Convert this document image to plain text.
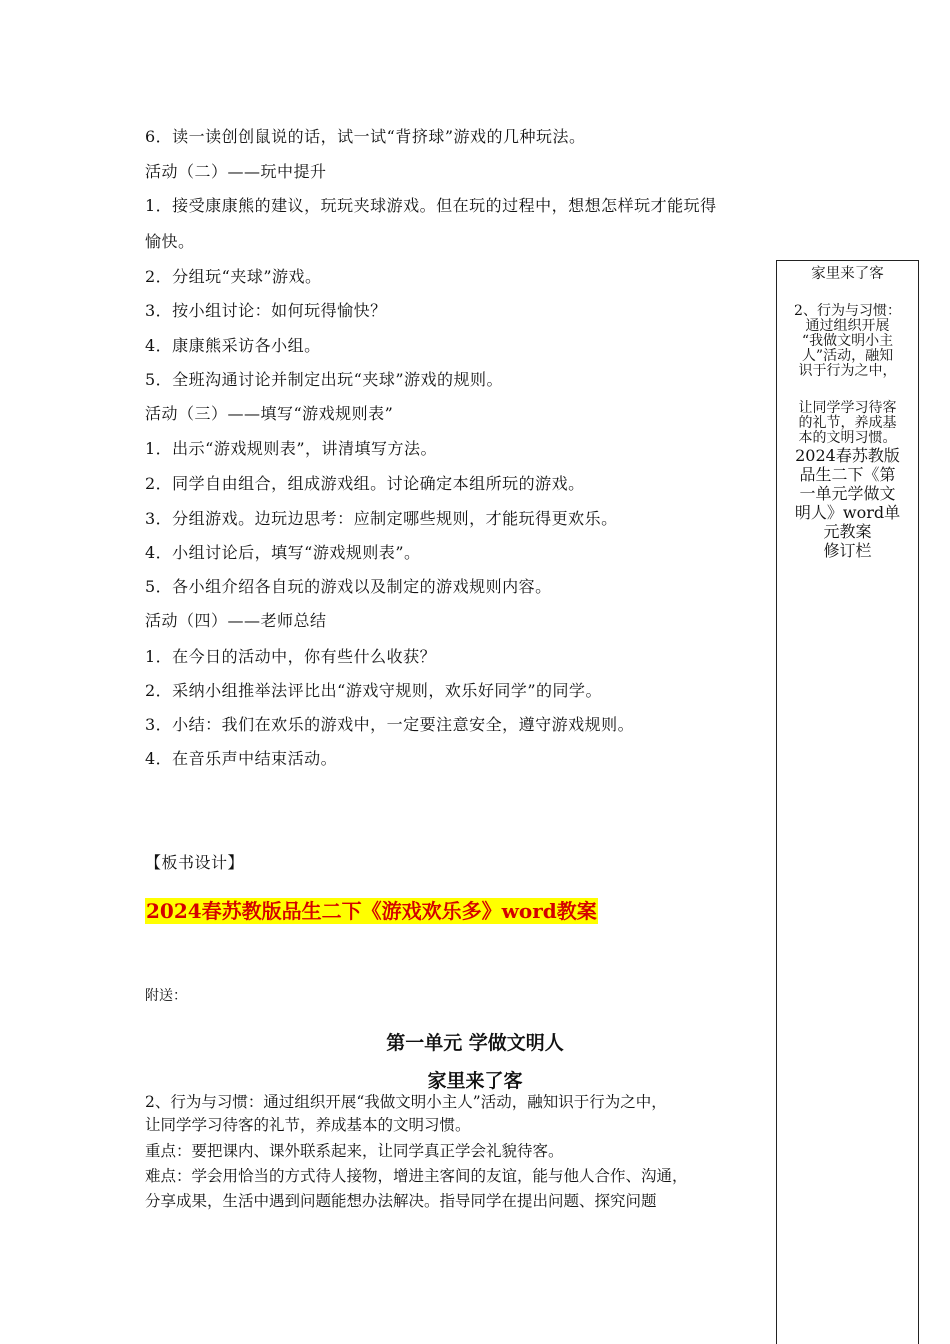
6．读一读创创鼠说的话，试一试“背挤球”游戏的几种玩法。
活动（二）——玩中提升
1．接受康康熊的建议，玩玩夹球游戏。但在玩的过程中，想想怎样玩才能玩得
愉快。
2．分组玩“夹球”游戏。
3．按小组讨论：如何玩得愉快？
4．康康熊采访各小组。
5．全班沟通讨论并制定出玩“夹球”游戏的规则。
活动（三）——填写“游戏规则表”
1．出示“游戏规则表”，讲清填写方法。
2．同学自由组合，组成游戏组。讨论确定本组所玩的游戏。
3．分组游戏。边玩边思考：应制定哪些规则，才能玩得更欢乐。
4．小组讨论后，填写“游戏规则表”。
5．各小组介绍各自玩的游戏以及制定的游戏规则内容。
活动（四）——老师总结
1．在今日的活动中，你有些什么收获？
2．采纳小组推举法评比出“游戏守规则，欢乐好同学”的同学。
3．小结：我们在欢乐的游戏中，一定要注意安全，遵守游戏规则。
4．在音乐声中结束活动。
【板书设计】
2024春苏教版品生二下《游戏欢乐多》word教案
附送：
第一单元 学做文明人
家里来了客
2、行为与习惯：通过组织开展“我做文明小主人”活动，融知识于行为之中，
让同学学习待客的礼节，养成基本的文明习惯。
重点：要把课内、课外联系起来，让同学真正学会礼貌待客。
难点：学会用恰当的方式待人接物，增进主客间的友谊，能与他人合作、沟通，
分享成果，生活中遇到问题能想办法解决。指导同学在提出问题、探究问题
家里来了客
2、行为与习惯：
通过组织开展
“我做文明小主
人”活动，融知
识于行为之中，
让同学学习待客
的礼节，养成基
本的文明习惯。
2024春苏教版
品生二下《第
一单元学做文
明人》word单
元教案
修订栏
